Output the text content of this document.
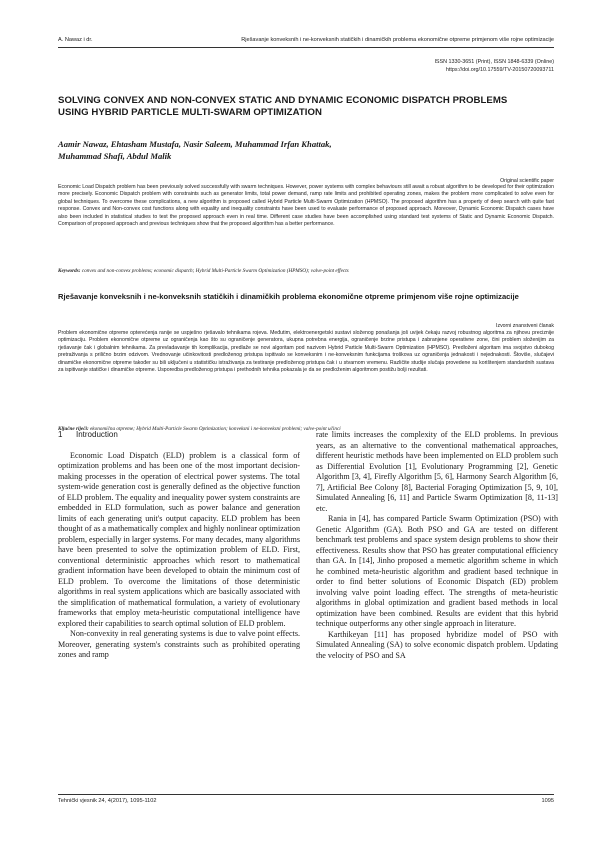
A. Nawaz i dr.	Rješavanje konveksnih i ne-konveksnih statičkih i dinamičkih problema ekonomične otpreme primjenom više rojne optimizacije
ISSN 1330-3651 (Print), ISSN 1848-6339 (Online)
https://doi.org/10.17559/TV-20150720093711
SOLVING CONVEX AND NON-CONVEX STATIC AND DYNAMIC ECONOMIC DISPATCH PROBLEMS USING HYBRID PARTICLE MULTI-SWARM OPTIMIZATION
Aamir Nawaz, Ehtasham Mustafa, Nasir Saleem, Muhammad Irfan Khattak,
Muhammad Shafi, Abdul Malik
Original scientific paper

Economic Load Dispatch problem has been previously solved successfully with swarm techniques. However, power systems with complex behaviours still await a robust algorithm to be developed for their optimization more precisely. Economic Dispatch problem with constraints such as generator limits, total power demand, ramp rate limits and prohibited operating zones, makes the problem more complicated to solve even for global techniques. To overcome these complications, a new algorithm is proposed called Hybrid Particle Multi-Swarm Optimization (HPMSO). The proposed algorithm has a property of deep search with quite fast response. Convex and Non-convex cost functions along with equality and inequality constraints have been used to evaluate performance of proposed approach. Moreover, Dynamic Economic Dispatch cases have also been included in statistical studies to test the proposed approach even in real time. Different case studies have been accomplished using standard test systems of Static and Dynamic Economic Dispatch. Comparison of proposed approach and previous techniques show that the proposed algorithm has a better performance.

Keywords: convex and non-convex problems; economic dispatch; Hybrid Multi-Particle Swarm Optimization (HPMSO); valve-point effects
Rješavanje konveksnih i ne-konveksnih statičkih i dinamičkih problema ekonomične otpreme primjenom više rojne optimizacije
Izvorni znanstveni članak

Problem ekonomične otpreme opterećenja ranije se uspješno rješavalo tehnikama rojeva. Međutim, elektroenergetski sustavi složenog ponašanja još uvijek čekaju razvoj robustnog algoritma za njihovu preciznije optimizaciju. Problem ekonomične otpreme uz ograničenja kao što su ograničenje generatora, ukupna potrebna energija, ograničenje brzine pristupa i zabranjene operativne zone, čini problem složenijim za rješavanje čak i globalnim tehnikama. Za prevladavanje tih komplikacija, predlaže se novi algoritam pod nazivom Hybrid Particle Multi-Swarm Optimization (HPMSO). Predloženi algoritam ima svojstvo dubokog pretraživanja s prilično brzim odzivom. Vrednovanje učinkovitosti predloženog pristupa ispitivalo se konveksnim i ne-konveksnim funkcijama troškova uz ograničenja jednakosti i nejednakosti. Štoviše, slučajevi dinamičke ekonomične otpreme također su bili uključeni u statističku istraživanja za testiranje predloženog pristupa čak i u stvarnom vremenu. Različite studije slučaja provedene su korištenjem standardnih sustava za ispitivanje statičke i dinamičke otpreme. Usporedba predloženog pristupa i prethodnih tehnika pokazala je da se predloženim algoritmom postižu bolji rezultati.

Ključne riječi: ekonomična otpreme; Hybrid Multi-Particle Swarm Optimization; konveksni i ne-konveksni problemi; valve-point učinci
1 Introduction

Economic Load Dispatch (ELD) problem is a classical form of optimization problems and has been one of the most important decision-making processes in the operation of electrical power systems. The total system-wide generation cost is generally defined as the objective function of ELD problem. The equality and inequality power system constraints are embedded in ELD formulation, such as power balance and generation limits of each generating unit's output capacity. ELD problem has been thought of as a mathematically complex and highly nonlinear optimization problem, especially in larger systems. For many decades, many algorithms have been presented to solve the optimization problem of ELD. First, conventional deterministic approaches which resort to mathematical gradient information have been developed to obtain the minimum cost of ELD problem. To overcome the limitations of those deterministic algorithms in real system applications which are basically associated with the simplification of mathematical formulation, a variety of evolutionary frameworks that employ meta-heuristic computational intelligence have explored their capabilities to search optimal solution of ELD problem.

Non-convexity in real generating systems is due to valve point effects. Moreover, generating system's constraints such as prohibited operating zones and ramp

rate limits increases the complexity of the ELD problems. In previous years, as an alternative to the conventional mathematical approaches, different heuristic methods have been implemented on ELD problem such as Differential Evolution [1], Evolutionary Programming [2], Genetic Algorithm [3, 4], Firefly Algorithm [5, 6], Harmony Search Algorithm [6, 7], Artificial Bee Colony [8], Bacterial Foraging Optimization [5, 9, 10], Simulated Annealing [6, 11] and Particle Swarm Optimization [8, 11-13] etc.

Rania in [4], has compared Particle Swarm Optimization (PSO) with Genetic Algorithm (GA). Both PSO and GA are tested on different benchmark test problems and space system design problems to show their effectiveness. Results show that PSO has greater computational efficiency than GA. In [14], Jinho proposed a memetic algorithm scheme in which he combined meta-heuristic algorithm and gradient based technique in order to find better solutions of Economic Dispatch (ED) problem involving valve point loading effect. The strengths of meta-heuristic algorithms in global optimization and gradient based methods in local optimization have been combined. Results are evident that this hybrid technique outperforms any other single approach in literature.

Karthikeyan [11] has proposed hybridize model of PSO with Simulated Annealing (SA) to solve economic dispatch problem. Updating the velocity of PSO and SA

Tehnički vjesnik 24, 4(2017), 1095-1102	1095
